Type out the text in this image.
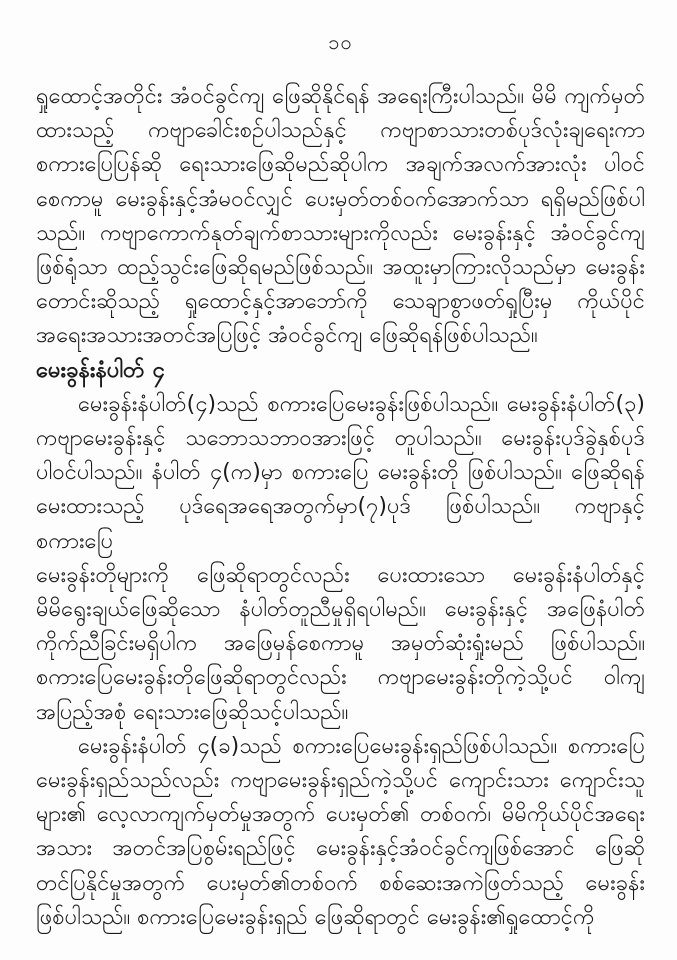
၁၀
ရှုထောင့်အတိုင်း အံဝင်ခွင်ကျ ဖြေဆိုနိုင်ရန် အရေးကြီးပါသည်။ မိမိ ကျက်မှတ်
ထားသည့် ကဗျာခေါင်းစဉ်ပါသည်နှင့် ကဗျာစာသားတစ်ပုဒ်လုံးချရေးကာ
စကားပြေပြန်ဆို ရေးသားဖြေဆိုမည်ဆိုပါက အချက်အလက်အားလုံး ပါဝင်
စေကာမူ မေးခွန်းနှင့်အံမဝင်လျှင် ပေးမှတ်တစ်ဝက်အောက်သာ ရရှိမည်ဖြစ်ပါ
သည်။ ကဗျာကောက်နုတ်ချက်စာသားများကိုလည်း မေးခွန်းနှင့် အံဝင်ခွင်ကျ
ဖြစ်ရုံသာ ထည့်သွင်းဖြေဆိုရမည်ဖြစ်သည်။ အထူးမှာကြားလိုသည်မှာ မေးခွန်း
တောင်းဆိုသည့် ရှုထောင့်နှင့်အာဘော်ကို သေချာစွာဖတ်ရှုပြီးမှ ကိုယ်ပိုင်
အရေးအသားအတင်အပြဖြင့် အံဝင်ခွင်ကျ ဖြေဆိုရန်ဖြစ်ပါသည်။
မေးခွန်းနံပါတ် ၄
မေးခွန်းနံပါတ်(၄)သည် စကားပြေမေးခွန်းဖြစ်ပါသည်။ မေးခွန်းနံပါတ်(၃)
ကဗျာမေးခွန်းနှင့် သဘောသဘာဝအားဖြင့် တူပါသည်။ မေးခွန်းပုဒ်ခွဲနှစ်ပုဒ်
ပါဝင်ပါသည်။ နံပါတ် ၄(က)မှာ စကားပြေ မေးခွန်းတို ဖြစ်ပါသည်။ ဖြေဆိုရန်
မေးထားသည့် ပုဒ်ရေအရေအတွက်မှာ(၇)ပုဒ် ဖြစ်ပါသည်။ ကဗျာနှင့် စကားပြေ
မေးခွန်းတိုများကို ဖြေဆိုရာတွင်လည်း ပေးထားသော မေးခွန်းနံပါတ်နှင့်
မိမိရွေးချယ်ဖြေဆိုသော နံပါတ်တူညီမှုရှိရပါမည်။ မေးခွန်းနှင့် အဖြေနံပါတ်
ကိုက်ညီခြင်းမရှိပါက အဖြေမှန်စေကာမူ အမှတ်ဆုံးရှုံးမည် ဖြစ်ပါသည်။
စကားပြေမေးခွန်းတိုဖြေဆိုရာတွင်လည်း ကဗျာမေးခွန်းတိုကဲ့သို့ပင် ဝါကျ
အပြည့်အစုံ ရေးသားဖြေဆိုသင့်ပါသည်။
မေးခွန်းနံပါတ် ၄(ခ)သည် စကားပြေမေးခွန်းရှည်ဖြစ်ပါသည်။ စကားပြေ
မေးခွန်းရှည်သည်လည်း ကဗျာမေးခွန်းရှည်ကဲ့သို့ပင် ကျောင်းသား ကျောင်းသူ
များ၏ လေ့လာကျက်မှတ်မှုအတွက် ပေးမှတ်၏ တစ်ဝက်၊ မိမိကိုယ်ပိုင်အရေး
အသား အတင်အပြစွမ်းရည်ဖြင့် မေးခွန်းနှင့်အံဝင်ခွင်ကျဖြစ်အောင် ဖြေဆို
တင်ပြနိုင်မှုအတွက် ပေးမှတ်၏တစ်ဝက် စစ်ဆေးအကဲဖြတ်သည့် မေးခွန်း
ဖြစ်ပါသည်။ စကားပြေမေးခွန်းရှည် ဖြေဆိုရာတွင် မေးခွန်း၏ရှုထောင့်ကို
